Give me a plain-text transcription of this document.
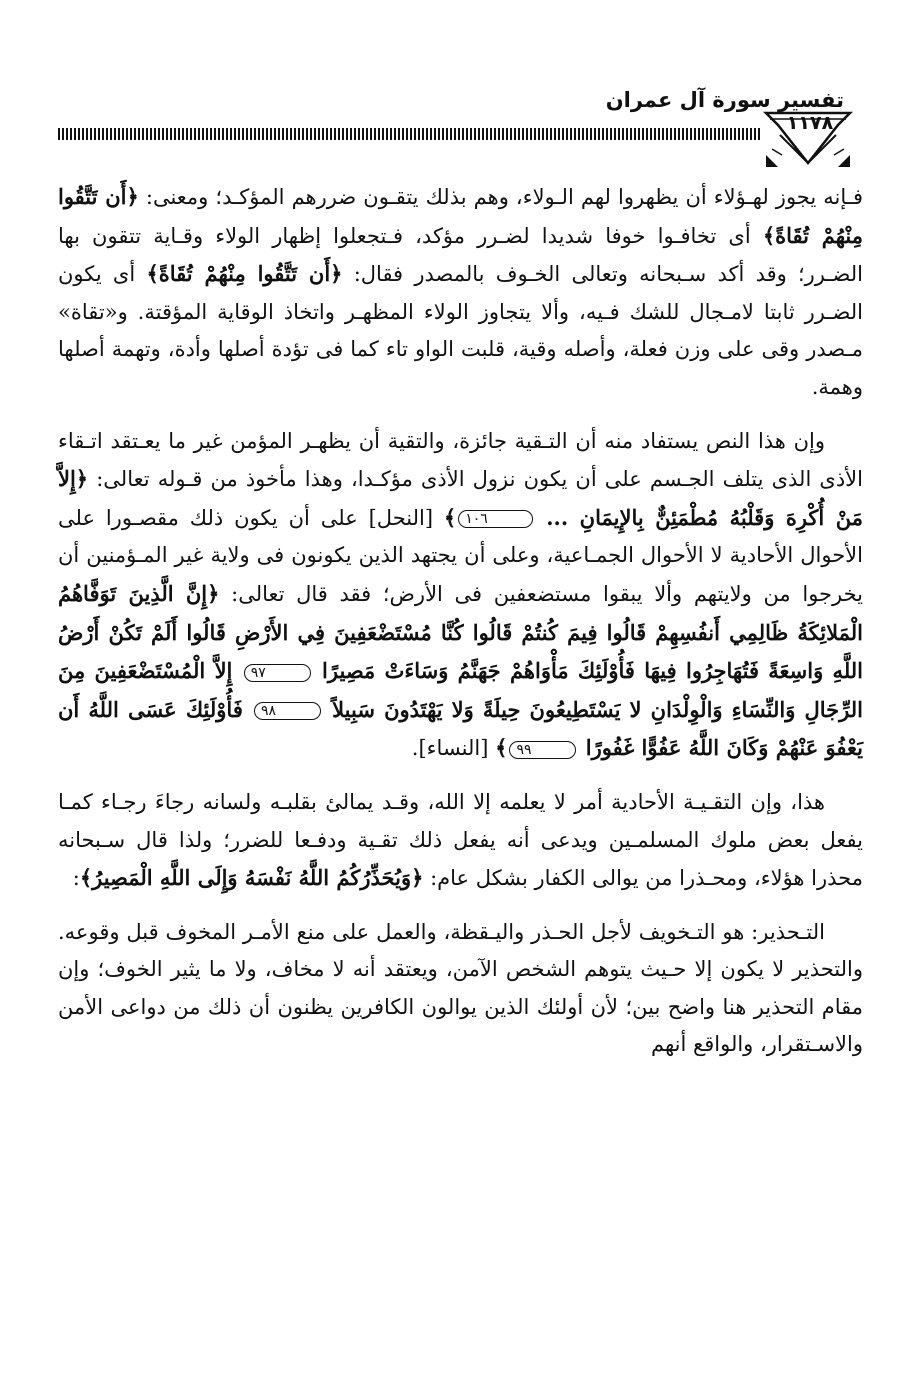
تفسير سورة آل عمران
١١٧٨

فـإنه يجوز لهـؤلاء أن يظهروا لهم الـولاء، وهم بذلك يتقـون ضررهم المؤكـد؛ ومعنى: ﴿أَن تَتَّقُوا مِنْهُمْ تُقَاةً﴾ أى تخافـوا خوفا شديدا لضـرر مؤكد، فـتجعلوا إظهار الولاء وقـاية تتقون بها الضـرر؛ وقد أكد سـبحانه وتعالى الخـوف بالمصدر فقال: ﴿أَن تَتَّقُوا مِنْهُمْ تُقَاةً﴾ أى يكون الضـرر ثابتا لامـجال للشك فـيه، وألا يتجاوز الولاء المظهـر واتخاذ الوقاية المؤقتة. و«تقاة» مـصدر وقى على وزن فعلة، وأصله وقية، قلبت الواو تاء كما فى تؤدة أصلها وأدة، وتهمة أصلها وهمة.

وإن هذا النص يستفاد منه أن التـقية جائزة، والتقية أن يظهـر المؤمن غير ما يعـتقد اتـقاء الأذى الذى يتلف الجـسم على أن يكون نزول الأذى مؤكـدا، وهذا مأخوذ من قـوله تعالى: ﴿إِلاَّ مَنْ أُكْرِهَ وَقَلْبُهُ مُطْمَئِنٌّ بِالإِيمَانِ ... ١٠٦﴾ [النحل] على أن يكون ذلك مقصـورا على الأحوال الأحادية لا الأحوال الجمـاعية، وعلى أن يجتهد الذين يكونون فى ولاية غير المـؤمنين أن يخرجوا من ولايتهم وألا يبقوا مستضعفين فى الأرض؛ فقد قال تعالى: ﴿إِنَّ الَّذِينَ تَوَفَّاهُمُ الْمَلائِكَةُ ظَالِمِي أَنفُسِهِمْ قَالُوا فِيمَ كُنتُمْ قَالُوا كُنَّا مُسْتَضْعَفِينَ فِي الأَرْضِ قَالُوا أَلَمْ تَكُنْ أَرْضُ اللَّهِ وَاسِعَةً فَتُهَاجِرُوا فِيهَا فَأُوْلَئِكَ مَأْوَاهُمْ جَهَنَّمُ وَسَاءَتْ مَصِيرًا ٩٧ إِلاَّ الْمُسْتَضْعَفِينَ مِنَ الرِّجَالِ وَالنِّسَاءِ وَالْوِلْدَانِ لا يَسْتَطِيعُونَ حِيلَةً وَلا يَهْتَدُونَ سَبِيلاً ٩٨ فَأُوْلَئِكَ عَسَى اللَّهُ أَن يَعْفُوَ عَنْهُمْ وَكَانَ اللَّهُ عَفُوًّا غَفُورًا ٩٩﴾ [النساء].

هذا، وإن التقـيـة الأحادية أمر لا يعلمه إلا الله، وقـد يمالئ بقلبـه ولسانه رجاءَ رجـاء كمـا يفعل بعض ملوك المسلمـين ويدعى أنه يفعل ذلك تقـية ودفـعا للضرر؛ ولذا قال سـبحانه محذرا هؤلاء، ومحـذرا من يوالى الكفار بشكل عام: ﴿وَيُحَذِّرُكُمُ اللَّهُ نَفْسَهُ وَإِلَى اللَّهِ الْمَصِيرُ﴾:

التـحذير: هو التـخويف لأجل الحـذر واليـقظة، والعمل على منع الأمـر المخوف قبل وقوعه. والتحذير لا يكون إلا حـيث يتوهم الشخص الآمن، ويعتقد أنه لا مخاف، ولا ما يثير الخوف؛ وإن مقام التحذير هنا واضح بين؛ لأن أولئك الذين يوالون الكافرين يظنون أن ذلك من دواعى الأمن والاسـتقرار، والواقع أنهم
